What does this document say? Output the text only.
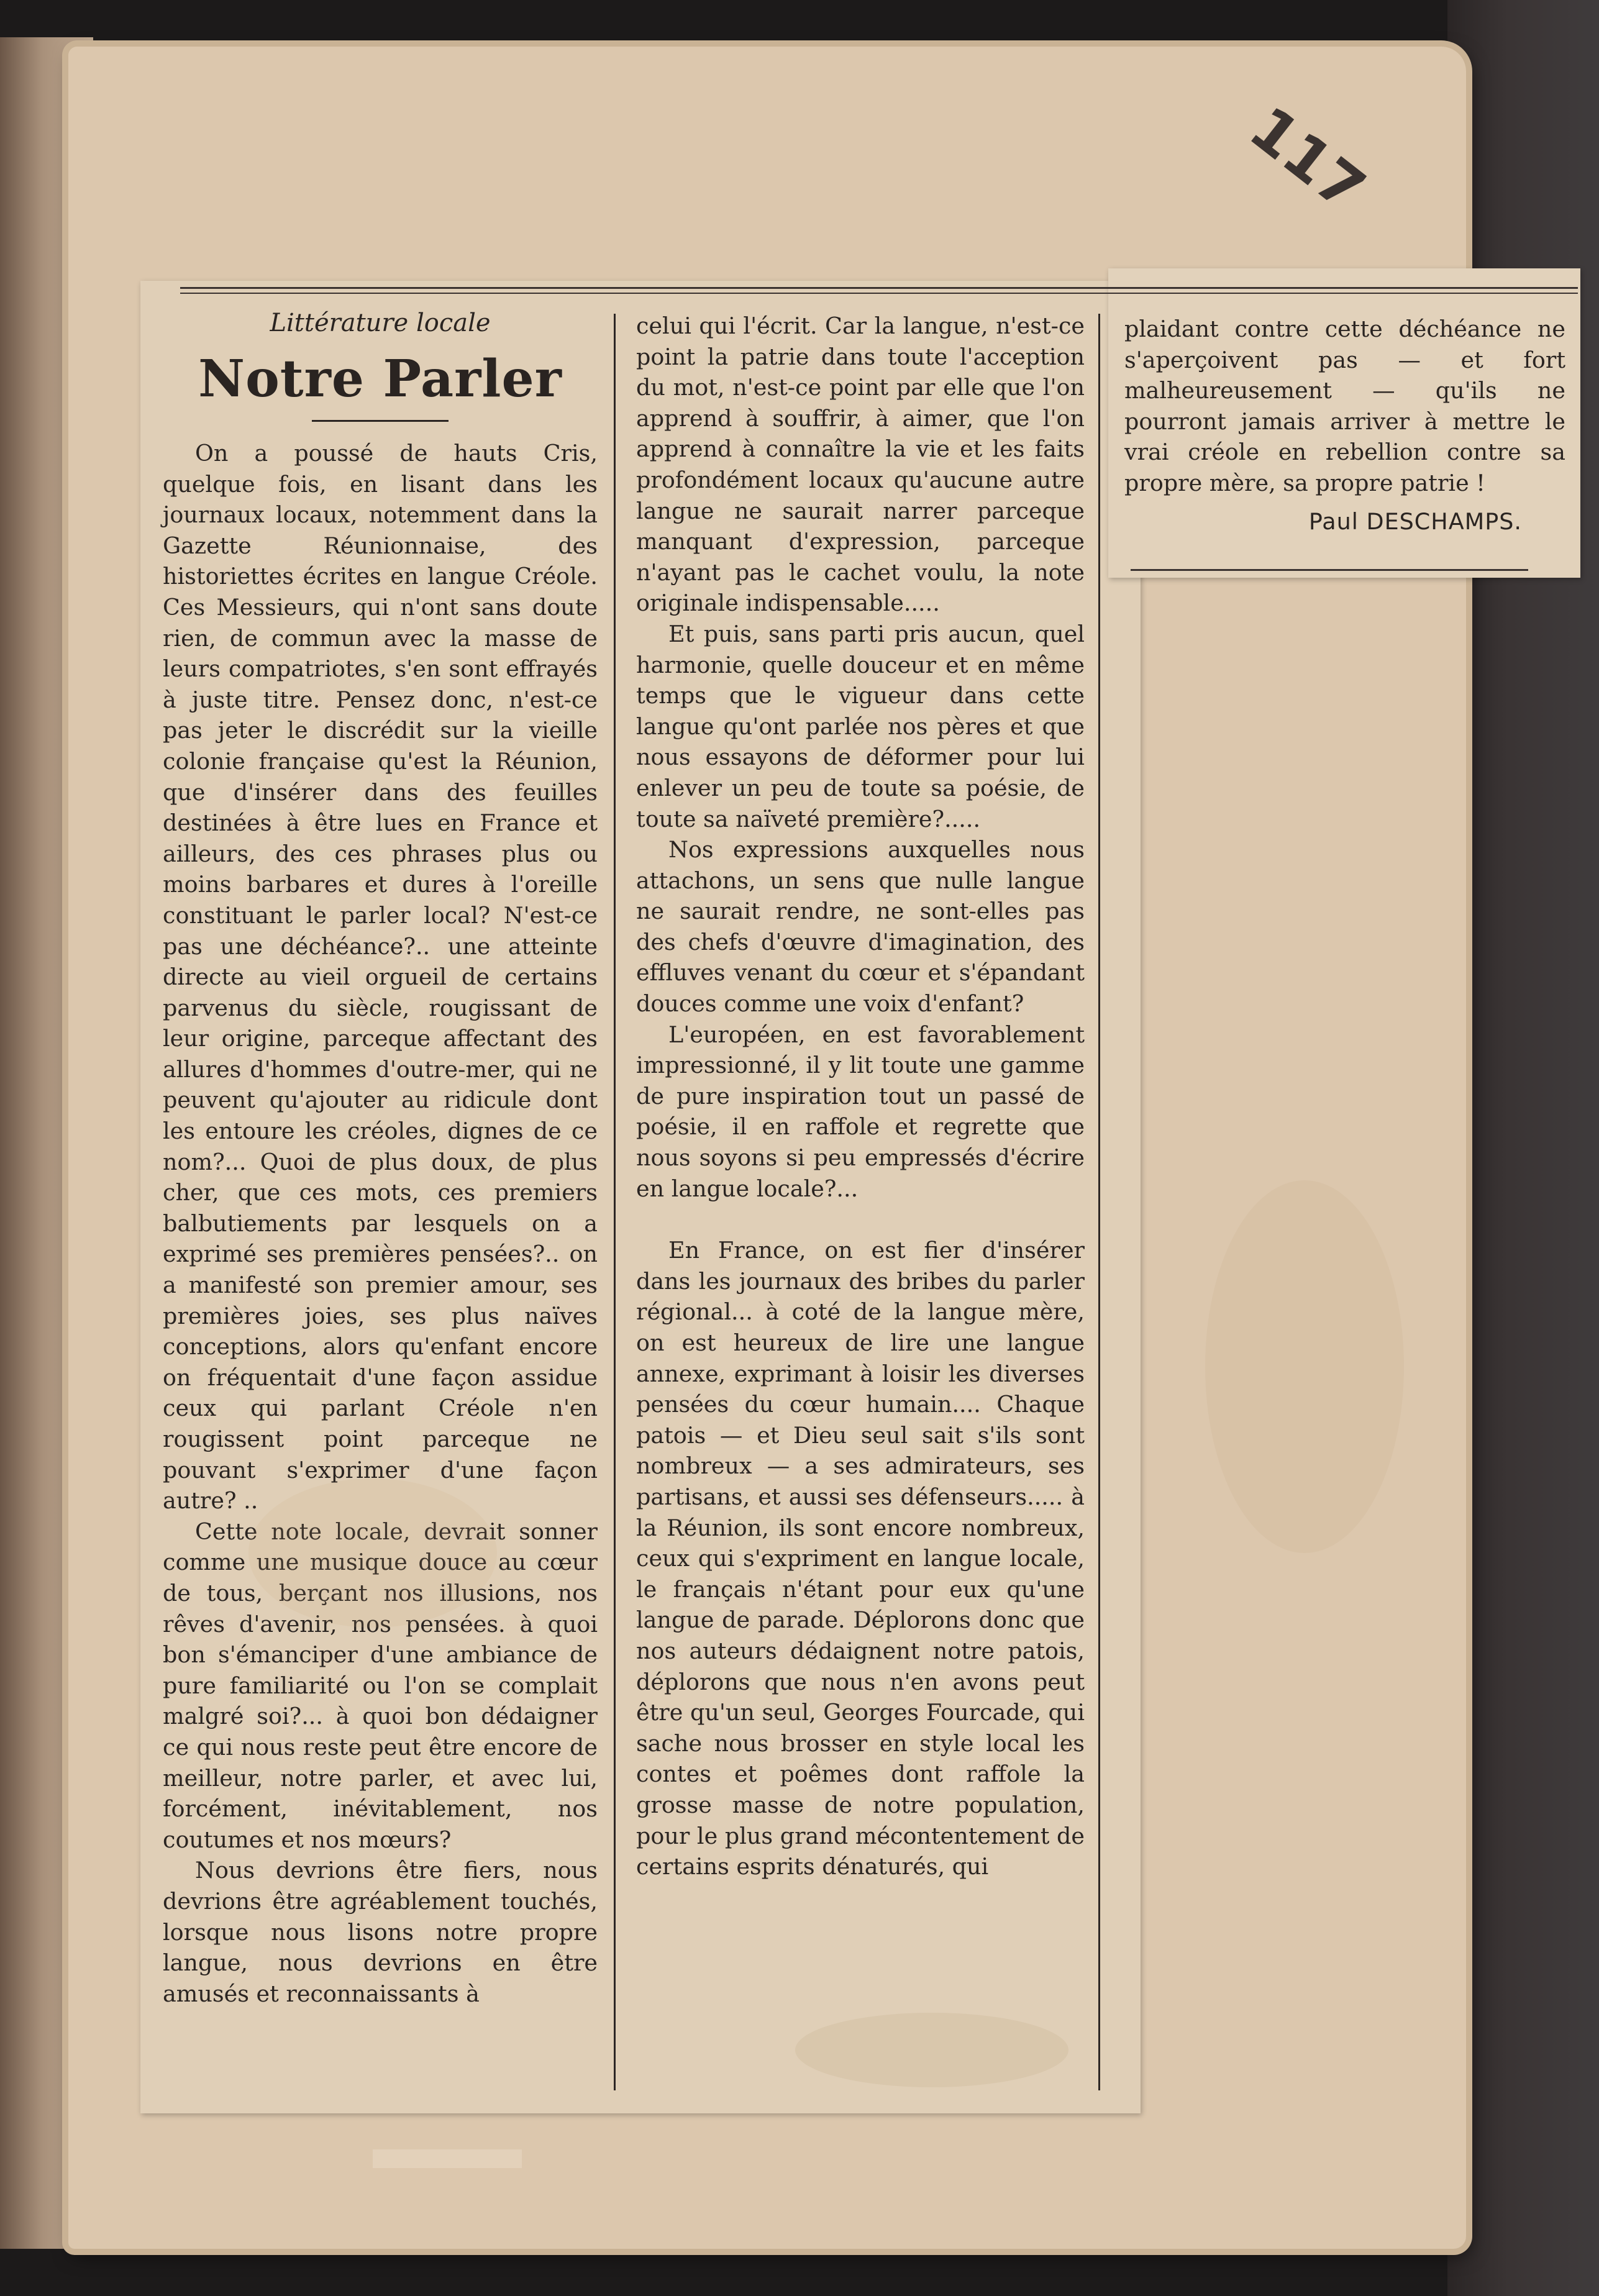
117

Littérature locale

Notre Parler

On a poussé de hauts Cris, quelque fois, en lisant dans les journaux locaux, notemment dans la Gazette Réunionnaise, des historiettes écrites en langue Créole. Ces Messieurs, qui n'ont sans doute rien, de commun avec la masse de leurs compatriotes, s'en sont effrayés à juste titre. Pensez donc, n'est-ce pas jeter le discrédit sur la vieille colonie française qu'est la Réunion, que d'insérer dans des feuilles destinées à être lues en France et ailleurs, des ces phrases plus ou moins barbares et dures à l'oreille constituant le parler local? N'est-ce pas une déchéance?.. une atteinte directe au vieil orgueil de certains parvenus du siècle, rougissant de leur origine, parceque affectant des allures d'hommes d'outre-mer, qui ne peuvent qu'ajouter au ridicule dont les entoure les créoles, dignes de ce nom?... Quoi de plus doux, de plus cher, que ces mots, ces premiers balbutiements par lesquels on a exprimé ses premières pensées?.. on a manifesté son premier amour, ses premières joies, ses plus naïves conceptions, alors qu'enfant encore on fréquentait d'une façon assidue ceux qui parlant Créole n'en rougissent point parceque ne pouvant s'exprimer d'une façon autre? ..

Cette note locale, devrait sonner comme une musique douce au cœur de tous, berçant nos illusions, nos rêves d'avenir, nos pensées. à quoi bon s'émanciper d'une ambiance de pure familiarité ou l'on se complait malgré soi?... à quoi bon dédaigner ce qui nous reste peut être encore de meilleur, notre parler, et avec lui, forcément, inévitablement, nos coutumes et nos mœurs?

Nous devrions être fiers, nous devrions être agréablement touchés, lorsque nous lisons notre propre langue, nous devrions en être amusés et reconnaissants à

celui qui l'écrit. Car la langue, n'est-ce point la patrie dans toute l'acception du mot, n'est-ce point par elle que l'on apprend à souffrir, à aimer, que l'on apprend à connaître la vie et les faits profondément locaux qu'aucune autre langue ne saurait narrer parceque manquant d'expression, parceque n'ayant pas le cachet voulu, la note originale indispensable.....

Et puis, sans parti pris aucun, quel harmonie, quelle douceur et en même temps que le vigueur dans cette langue qu'ont parlée nos pères et que nous essayons de déformer pour lui enlever un peu de toute sa poésie, de toute sa naïveté première?.....

Nos expressions auxquelles nous attachons, un sens que nulle langue ne saurait rendre, ne sont-elles pas des chefs d'œuvre d'imagination, des effluves venant du cœur et s'épandant douces comme une voix d'enfant?

L'européen, en est favorablement impressionné, il y lit toute une gamme de pure inspiration tout un passé de poésie, il en raffole et regrette que nous soyons si peu empressés d'écrire en langue locale?...

En France, on est fier d'insérer dans les journaux des bribes du parler régional... à coté de la langue mère, on est heureux de lire une langue annexe, exprimant à loisir les diverses pensées du cœur humain.... Chaque patois — et Dieu seul sait s'ils sont nombreux — a ses admirateurs, ses partisans, et aussi ses défenseurs..... à la Réunion, ils sont encore nombreux, ceux qui s'expriment en langue locale, le français n'étant pour eux qu'une langue de parade. Déplorons donc que nos auteurs dédaignent notre patois, déplorons que nous n'en avons peut être qu'un seul, Georges Fourcade, qui sache nous brosser en style local les contes et poêmes dont raffole la grosse masse de notre population, pour le plus grand mécontentement de certains esprits dénaturés, qui

plaidant contre cette déchéance ne s'aperçoivent pas — et fort malheureusement — qu'ils ne pourront jamais arriver à mettre le vrai créole en rebellion contre sa propre mère, sa propre patrie !

Paul DESCHAMPS.
